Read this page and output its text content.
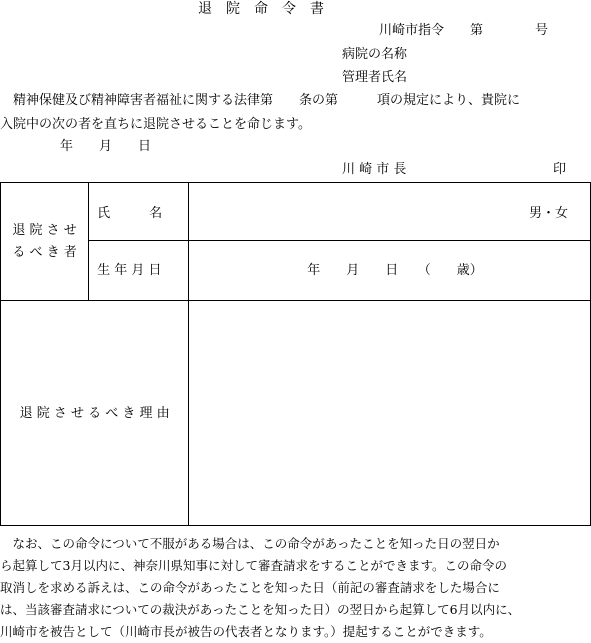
退　院　命　令　書
川崎市指令　　第　　　　号
病院の名称
管理者氏名
　精神保健及び精神障害者福祉に関する法律第　　条の第　　　項の規定により、貴院に
入院中の次の者を直ちに退院させることを命じます。
年　　月　　日
川 崎 市 長	印
退 院 さ せ
る べ き 者	氏　　　名	男・女

	生 年 月 日	年　　月　　日　　（　　歳）

退 院 さ せ る べ き 理 由		

　なお、この命令について不服がある場合は、この命令があったことを知った日の翌日か

ら起算して3月以内に、神奈川県知事に対して審査請求をすることができます。この命令の

取消しを求める訴えは、この命令があったことを知った日（前記の審査請求をした場合に

は、当該審査請求についての裁決があったことを知った日）の翌日から起算して6月以内に、

川崎市を被告として（川崎市長が被告の代表者となります。）提起することができます。
